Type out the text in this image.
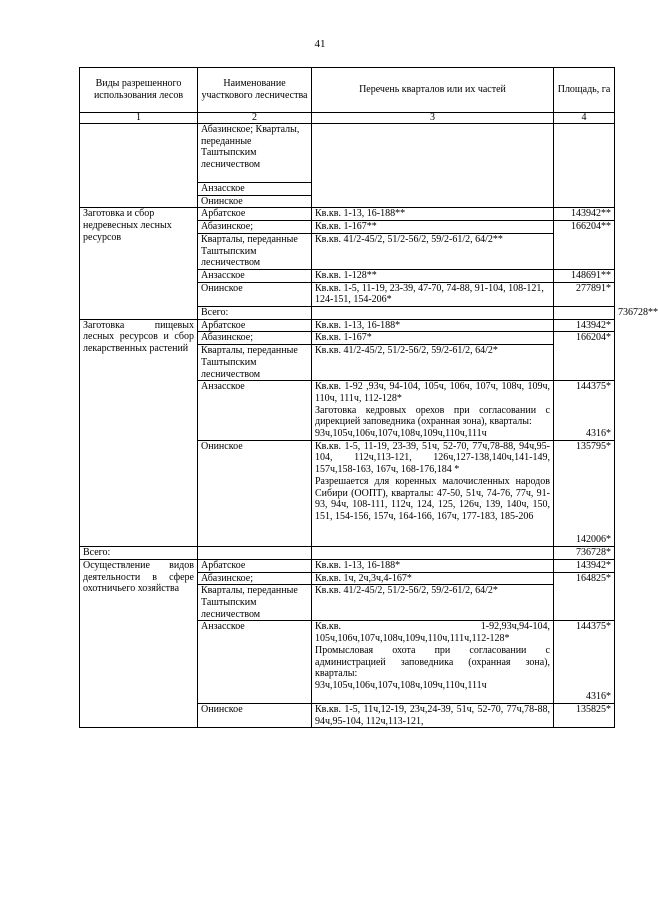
41
Виды разрешенного использования лесов	Наименование участкового лесничества	Перечень кварталов или их частей	Площадь, га	
1	2	3	4	
	Абазинское; Кварталы, переданные Таштыпским лесничеством			
	Анзасское			
	Онинское			
Заготовка и сбор недревесных лесных ресурсов	Арбатское	Кв.кв. 1-13, 16-188**	143942**	
	Абазинское;	Кв.кв. 1-167**	166204**	
	Кварталы, переданные Таштыпским лесничеством	Кв.кв. 41/2-45/2, 51/2-56/2, 59/2-61/2, 64/2**		
	Анзасское	Кв.кв. 1-128**	148691**	
	Онинское	Кв.кв. 1-5, 11-19, 23-39, 47-70, 74-88, 91-104, 108-121, 124-151, 154-206*	277891*	
	Всего:			736728**
Заготовка пищевых лесных ресурсов и сбор лекарственных растений	Арбатское	Кв.кв. 1-13, 16-188*	143942*	
	Абазинское;	Кв.кв. 1-167*	166204*	
	Кварталы, переданные Таштыпским лесничеством	Кв.кв. 41/2-45/2, 51/2-56/2, 59/2-61/2, 64/2*		
	Анзасское	Кв.кв. 1-92 ,93ч, 94-104, 105ч, 106ч, 107ч, 108ч, 109ч, 110ч, 111ч, 112-128*
Заготовка кедровых орехов при согласовании с дирекцией заповедника (охранная зона), кварталы:
93ч,105ч,106ч,107ч,108ч,109ч,110ч,111ч	144375*
4316*	

	Онинское	Кв.кв. 1-5, 11-19, 23-39, 51ч, 52-70, 77ч,78-88, 94ч,95-104, 112ч,113-121, 126ч,127-138,140ч,141-149, 157ч,158-163, 167ч, 168-176,184 *
Разрешается для коренных малочисленных народов Сибири (ООПТ), кварталы: 47-50, 51ч, 74-76, 77ч, 91-93, 94ч, 108-111, 112ч, 124, 125, 126ч, 139, 140ч, 150, 151, 154-156, 157ч, 164-166, 167ч, 177-183, 185-206	135795*
142006*	

Всего:			736728*	
Осуществление видов деятельности в сфере охотничьего хозяйства	Арбатское	Кв.кв. 1-13, 16-188*	143942*	
	Абазинское;	Кв.кв. 1ч, 2ч,3ч,4-167*	164825*	
	Кварталы, переданные Таштыпским лесничеством	Кв.кв. 41/2-45/2, 51/2-56/2, 59/2-61/2, 64/2*		
	Анзасское	Кв.кв. 1-92,93ч,94-104, 105ч,106ч,107ч,108ч,109ч,110ч,111ч,112-128*
Промысловая охота при согласовании с администрацией заповедника (охранная зона), кварталы:
93ч,105ч,106ч,107ч,108ч,109ч,110ч,111ч	144375*
4316*	

	Онинское	Кв.кв. 1-5, 11ч,12-19, 23ч,24-39, 51ч, 52-70, 77ч,78-88, 94ч,95-104, 112ч,113-121,	135825*	
